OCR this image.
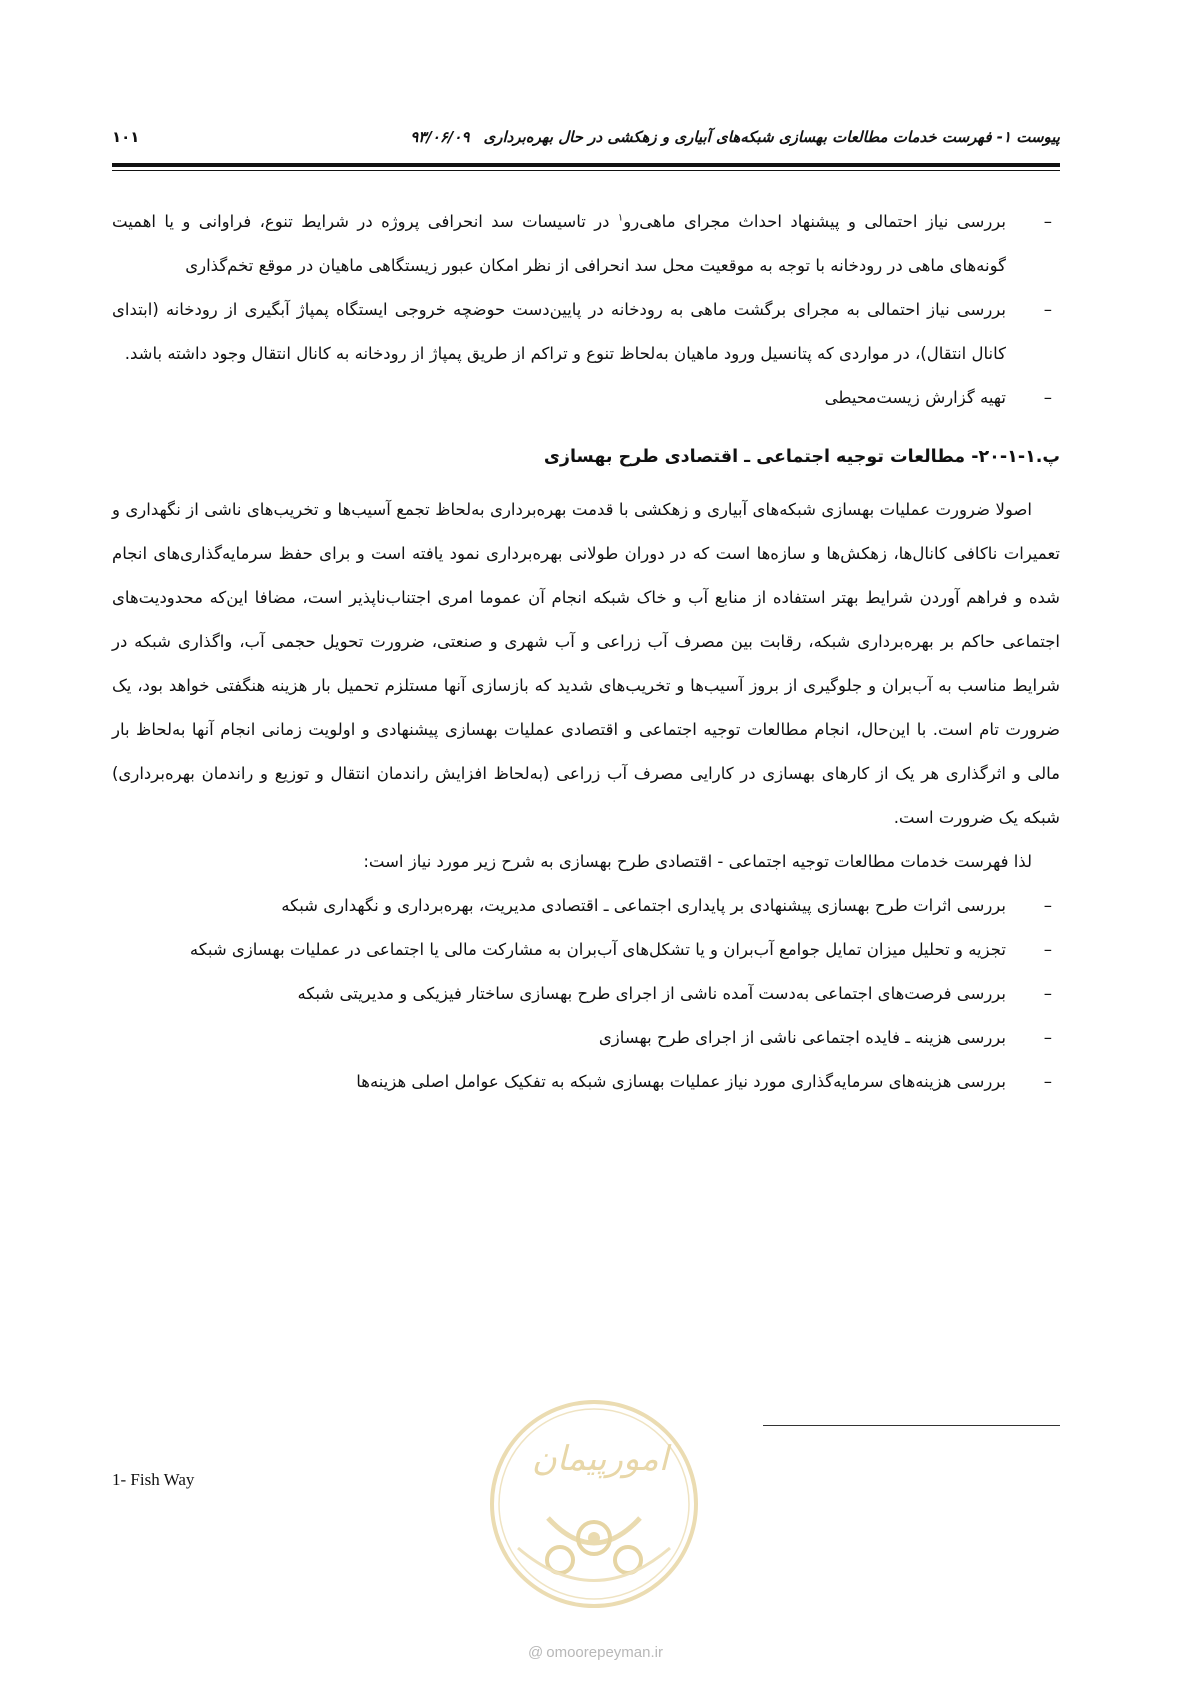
پیوست ۱- فهرست خدمات مطالعات بهسازی شبکه‌های آبیاری و زهکشی در حال بهره‌برداری۹۳/۰۶/۰۹
۱۰۱
–
بررسی نیاز احتمالی و پیشنهاد احداث مجرای ماهی‌رو$^۱$ در تاسیسات سد انحرافی پروژه در شرایط تنوع، فراوانی و یا اهمیت گونه‌های ماهی در رودخانه با توجه به موقعیت محل سد انحرافی از نظر امکان عبور زیستگاهی ماهیان در موقع تخم‌گذاری
–
بررسی نیاز احتمالی به مجرای برگشت ماهی به رودخانه در پایین‌دست حوضچه خروجی ایستگاه پمپاژ آبگیری از رودخانه (ابتدای کانال انتقال)، در مواردی که پتانسیل ورود ماهیان به‌لحاظ تنوع و تراکم از طریق پمپاژ از رودخانه به کانال انتقال وجود داشته باشد.
–
تهیه گزارش زیست‌محیطی
پ.۱-۱-۲۰- مطالعات توجیه اجتماعی ـ اقتصادی طرح بهسازی

اصولا ضرورت عملیات بهسازی شبکه‌های آبیاری و زهکشی با قدمت بهره‌برداری به‌لحاظ تجمع آسیب‌ها و تخریب‌های ناشی از نگهداری و تعمیرات ناکافی کانال‌ها، زهکش‌ها و سازه‌ها است که در دوران طولانی بهره‌برداری نمود یافته است و برای حفظ سرمایه‌گذاری‌های انجام شده و فراهم آوردن شرایط بهتر استفاده از منابع آب و خاک شبکه انجام آن عموما امری اجتناب‌ناپذیر است، مضافا این‌که محدودیت‌های اجتماعی حاکم بر بهره‌برداری شبکه، رقابت بین مصرف آب زراعی و آب شهری و صنعتی، ضرورت تحویل حجمی آب، واگذاری شبکه در شرایط مناسب به آب‌بران و جلوگیری از بروز آسیب‌ها و تخریب‌های شدید که بازسازی آنها مستلزم تحمیل بار هزینه هنگفتی خواهد بود، یک ضرورت تام است. با این‌حال، انجام مطالعات توجیه اجتماعی و اقتصادی عملیات بهسازی پیشنهادی و اولویت زمانی انجام آنها به‌لحاظ بار مالی و اثرگذاری هر یک از کارهای بهسازی در کارایی مصرف آب زراعی (به‌لحاظ افزایش راندمان انتقال و توزیع و راندمان بهره‌برداری) شبکه یک ضرورت است.

لذا فهرست خدمات مطالعات توجیه اجتماعی - اقتصادی طرح بهسازی به شرح زیر مورد نیاز است:

–
بررسی اثرات طرح بهسازی پیشنهادی بر پایداری اجتماعی ـ اقتصادی مدیریت، بهره‌برداری و نگهداری شبکه
–
تجزیه و تحلیل میزان تمایل جوامع آب‌بران و یا تشکل‌های آب‌بران به مشارکت مالی یا اجتماعی در عملیات بهسازی شبکه
–
بررسی فرصت‌های اجتماعی به‌دست آمده ناشی از اجرای طرح بهسازی ساختار فیزیکی و مدیریتی شبکه
–
بررسی هزینه ـ فایده اجتماعی ناشی از اجرای طرح بهسازی
–
بررسی هزینه‌های سرمایه‌گذاری مورد نیاز عملیات بهسازی شبکه به تفکیک عوامل اصلی هزینه‌ها
1- Fish Way
امورپیمان
@ omoorepeyman.ir
